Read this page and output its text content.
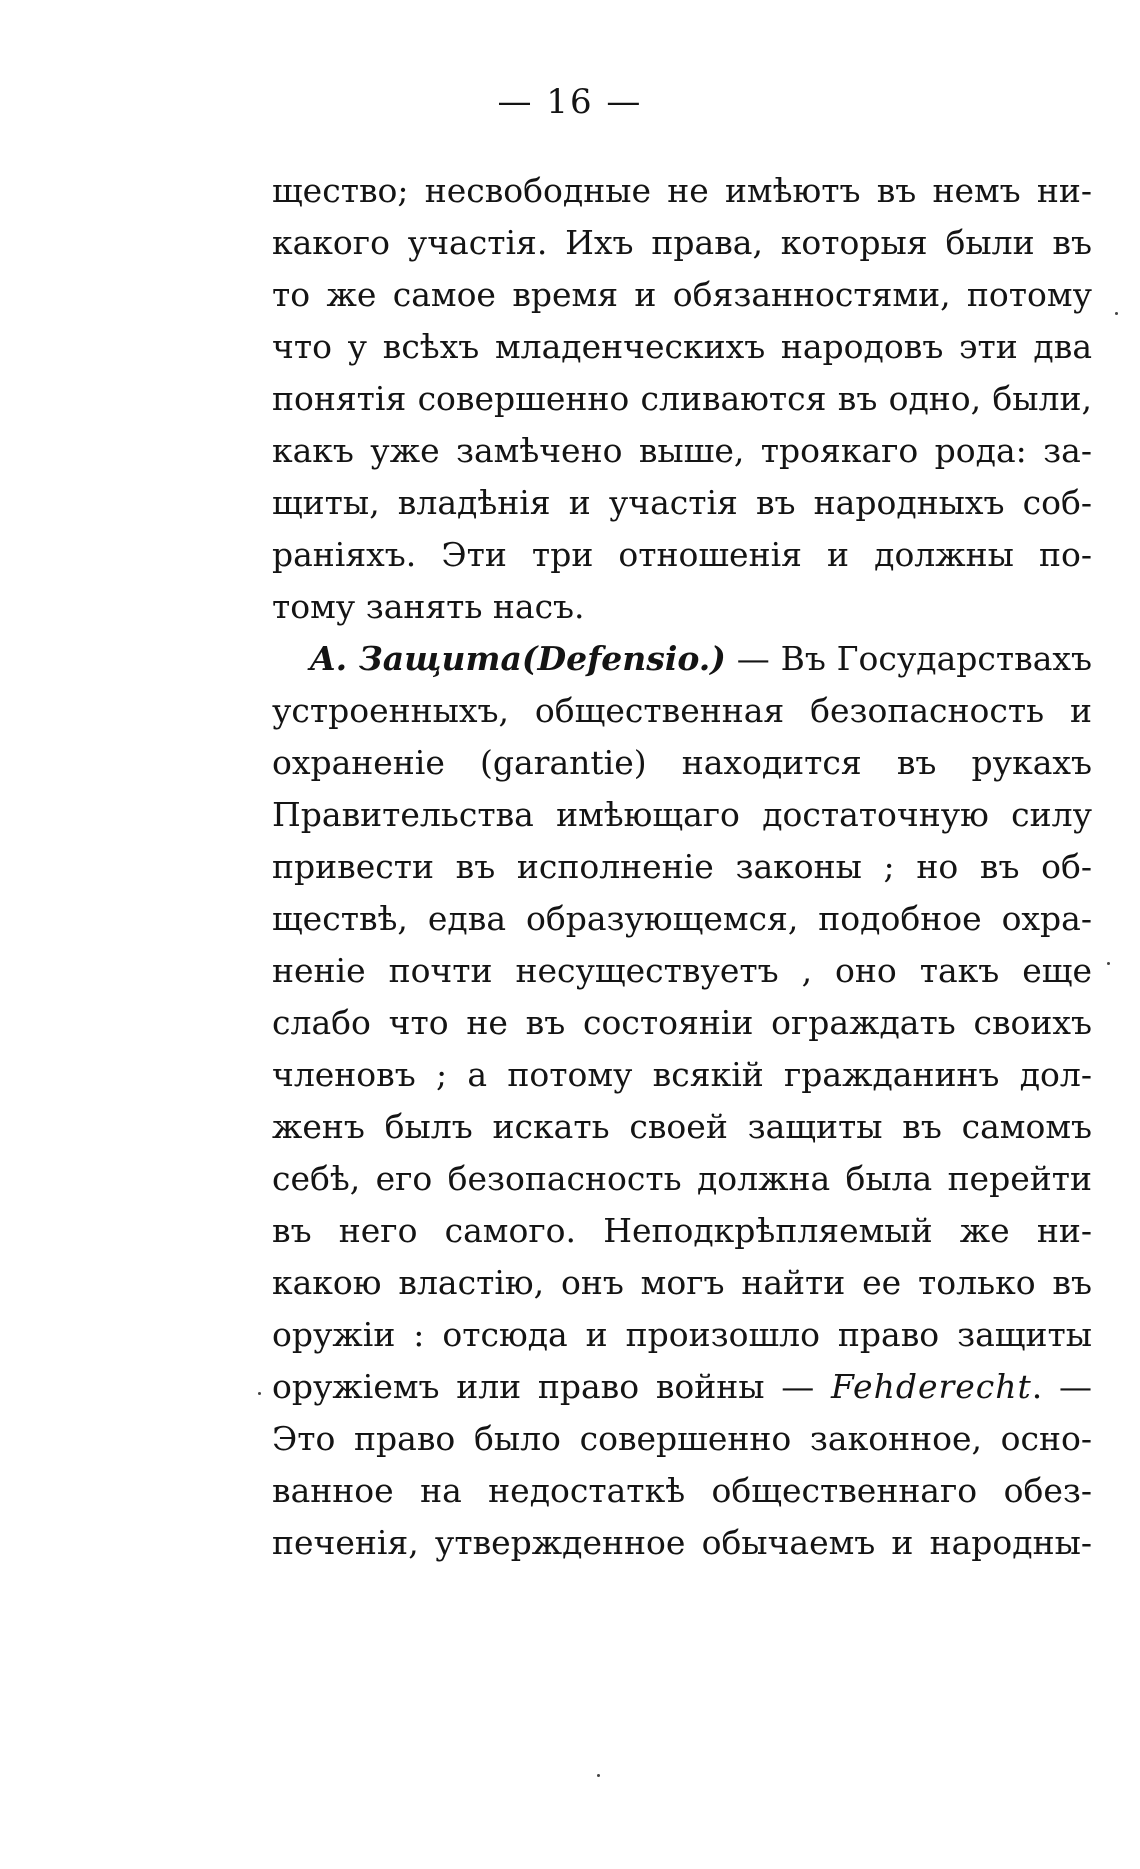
— 16 —
щество; несвободные не имѣютъ въ немъ ни-
какого участія. Ихъ права, которыя были въ
то же самое время и обязанностями, потому
что у всѣхъ младенческихъ народовъ эти два
понятія совершенно сливаются въ одно, были,
какъ уже замѣчено выше, троякаго рода: за-
щиты, владѣнія и участія въ народныхъ соб-
раніяхъ. Эти три отношенія и должны по-
тому занять насъ.
A. Защита(Defensio.) — Въ Государствахъ
устроенныхъ, общественная безопасность и
охраненіе (garantie) находится въ рукахъ
Правительства имѣющаго достаточную силу
привести въ исполненіе законы ; но въ об-
ществѣ, едва образующемся, подобное охра-
неніе почти несуществуетъ , оно такъ еще
слабо что не въ состояніи ограждать своихъ
членовъ ; а потому всякій гражданинъ дол-
женъ былъ искать своей защиты въ самомъ
себѣ, его безопасность должна была перейти
въ него самого. Неподкрѣпляемый же ни-
какою властію, онъ могъ найти ее только въ
оружіи : отсюда и произошло право защиты
оружіемъ или право войны — Fehderecht. —
Это право было совершенно законное, осно-
ванное на недостаткѣ общественнаго обез-
печенія, утвержденное обычаемъ и народны-
